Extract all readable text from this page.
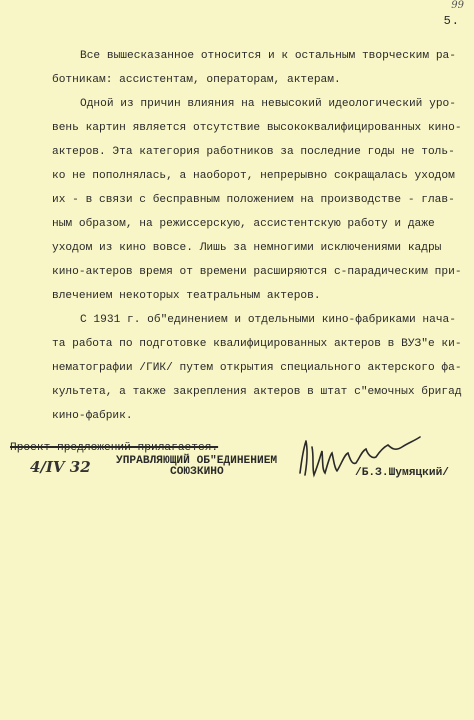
99
5.
Все вышесказанное относится и к остальным творческим ра-
ботникам: ассистентам, операторам, актерам.
Одной из причин влияния на невысокий идеологический уро-
вень картин является отсутствие высококвалифицированных кино-
актеров. Эта категория работников за последние годы не толь-
ко не пополнялась, а наоборот, непрерывно сокращалась уходом
их - в связи с бесправным положением на производстве - глав-
ным образом, на режиссерскую, ассистентскую работу и даже
уходом из кино вовсе. Лишь за немногими исключениями кадры
кино-актеров время от времени расширяются с-парадическим при-
влечением некоторых театральным актеров.
С 1931 г. об"единением и отдельными кино-фабриками нача-
та работа по подготовке квалифицированных актеров в ВУЗ"е ки-
нематографии /ГИК/ путем открытия специального актерского фа-
культета, а также закрепления актеров в штат с"емочных бригад
кино-фабрик.
Проект предложений прилагается.
4/IV 32 УПРАВЛЯЮЩИЙ ОБ"ЕДИНЕНИЕМ
СОЮЗКИНО	/Б.З.Шумяцкий/
